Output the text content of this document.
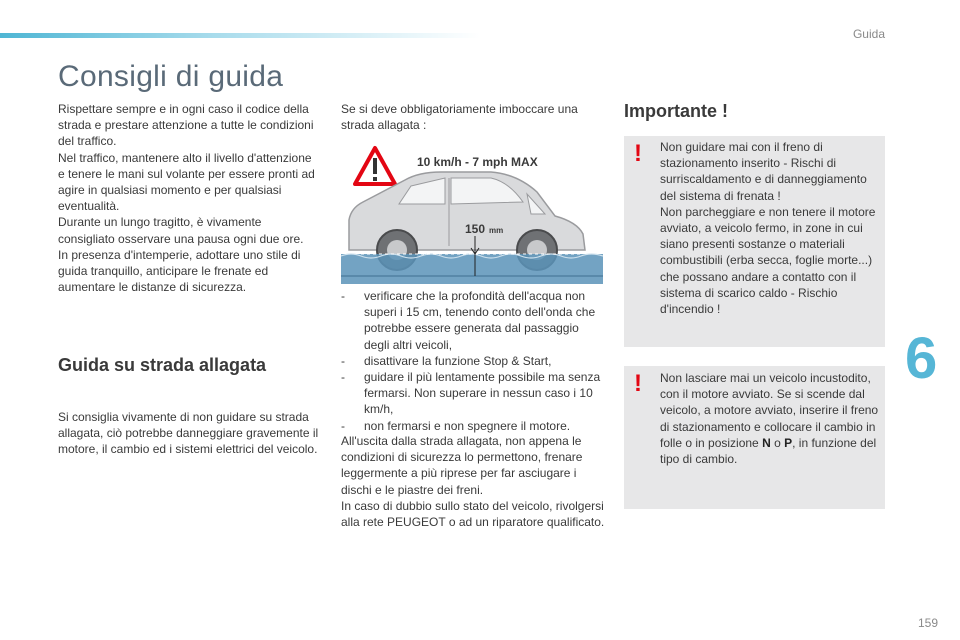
Guida
Consigli di guida

Rispettare sempre e in ogni caso il codice della strada e prestare attenzione a tutte le condizioni del traffico.

Nel traffico, mantenere alto il livello d'attenzione e tenere le mani sul volante per essere pronti ad agire in qualsiasi momento e per qualsiasi eventualità.

Durante un lungo tragitto, è vivamente consigliato osservare una pausa ogni due ore.

In presenza d'intemperie, adottare uno stile di guida tranquillo, anticipare le frenate ed aumentare le distanze di sicurezza.

Guida su strada allagata

Si consiglia vivamente di non guidare su strada allagata, ciò potrebbe danneggiare gravemente il motore, il cambio ed i sistemi elettrici del veicolo.

Se si deve obbligatoriamente imboccare una strada allagata :

10 km/h - 7 mph MAX
150 mm
-	verificare che la profondità dell'acqua non superi i 15 cm, tenendo conto dell'onda che potrebbe essere generata dal passaggio degli altri veicoli,
-	disattivare la funzione Stop & Start,
-	guidare il più lentamente possibile ma senza fermarsi. Non superare in nessun caso i 10 km/h,
-	non fermarsi e non spegnere il motore.

All'uscita dalla strada allagata, non appena le condizioni di sicurezza lo permettono, frenare leggermente a più riprese per far asciugare i dischi e le piastre dei freni.

In caso di dubbio sullo stato del veicolo, rivolgersi alla rete PEUGEOT o ad un riparatore qualificato.

Importante !
! Non guidare mai con il freno di stazionamento inserito - Rischi di surriscaldamento e di danneggiamento del sistema di frenata !

Non parcheggiare e non tenere il motore avviato, a veicolo fermo, in zone in cui siano presenti sostanze o materiali combustibili (erba secca, foglie morte...) che possano andare a contatto con il sistema di scarico caldo - Rischio d'incendio !

! Non lasciare mai un veicolo incustodito, con il motore avviato. Se si scende dal veicolo, a motore avviato, inserire il freno di stazionamento e collocare il cambio in folle o in posizione N o P, in funzione del tipo di cambio.

6
159
